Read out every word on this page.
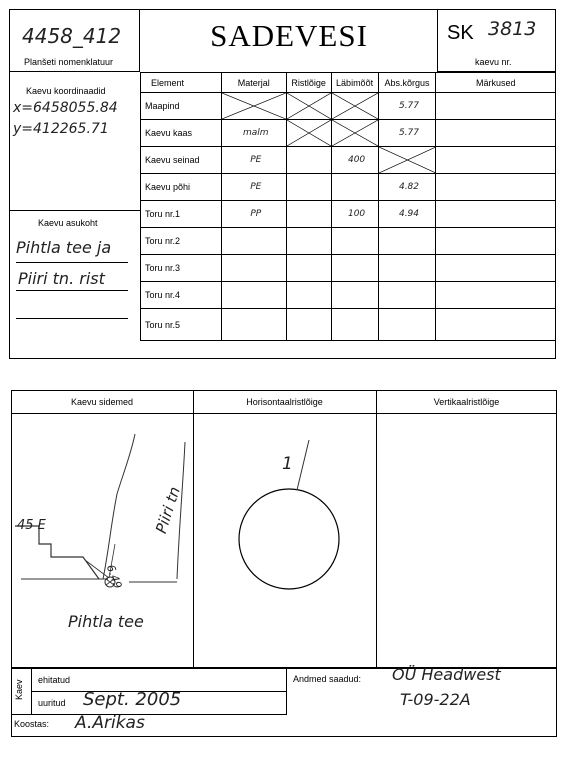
4458_412
Planšeti nomenklatuur
SADEVESI	SK 3813
kaevu nr.
Kaevu koordinaadid
x=6458055.84
y=412265.71
Kaevu asukoht
Pihtla tee ja
Piiri tn. rist
Element	Materjal	Ristlõige	Läbimõõt	Abs.kõrgus	Märkused
Maapind				5.77	
Kaevu kaas	malm			5.77	
Kaevu seinad	PE		400	

Kaevu põhi	PE			4.82	
Toru nr.1	PP		100	4.94	
Toru nr.2					
Toru nr.3					
Toru nr.4					
Toru nr.5					
Kaevu sidemed	Horisontaalristlõige	Vertikaalristlõige
45 E
6.49
Piiri tn
Pihtla tee
1
Kaev ehitatud
uuritud Sept. 2005
Andmed saadud: OÜ Headwest
T-09-22A
Koostas: A.Arikas
